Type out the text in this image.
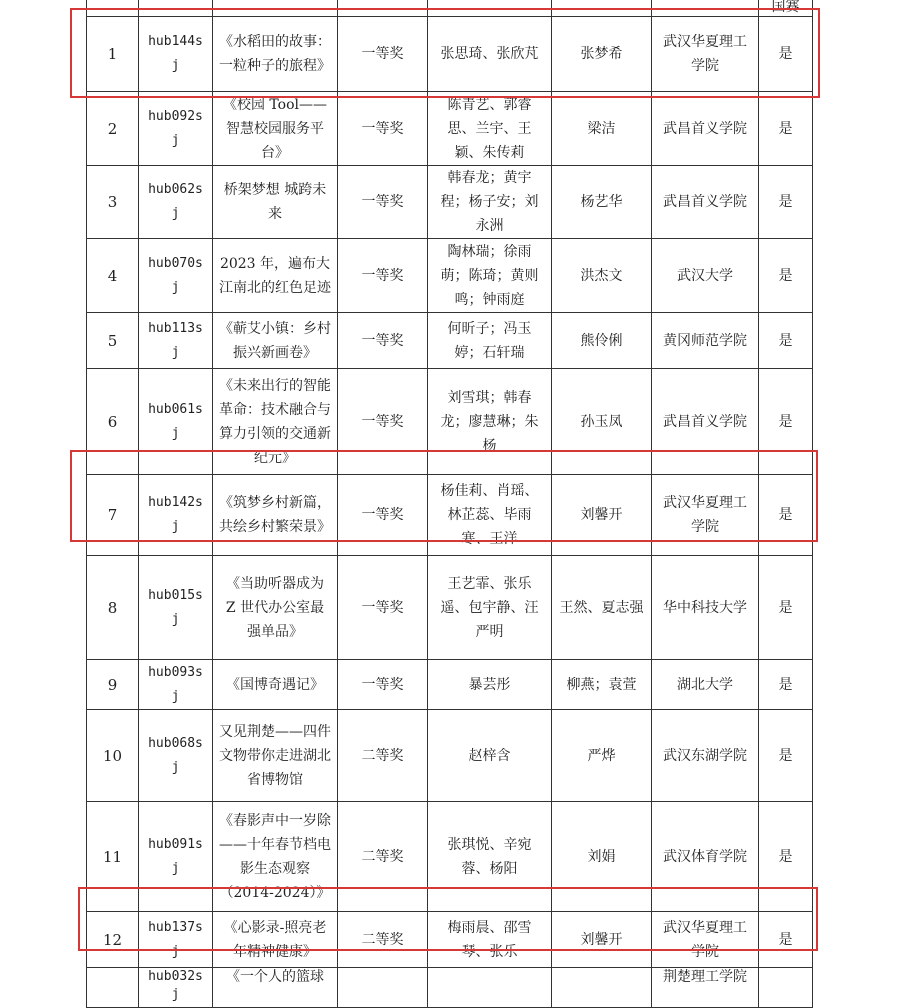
							国赛
1	hub144sj	《水稻田的故事：一粒种子的旅程》	一等奖	张思琦、张欣芃	张梦希	武汉华夏理工学院	是
2	hub092sj	《校园 Tool——智慧校园服务平台》	一等奖	陈青艺、郭睿思、兰宇、王颖、朱传莉	梁洁	武昌首义学院	是
3	hub062sj	桥架梦想 城跨未来	一等奖	韩春龙；黄宇程；杨子安；刘永洲	杨艺华	武昌首义学院	是
4	hub070sj	2023 年，遍布大江南北的红色足迹	一等奖	陶林瑞；徐雨萌；陈琦；黄则鸣；钟雨庭	洪杰文	武汉大学	是
5	hub113sj	《蕲艾小镇：乡村振兴新画卷》	一等奖	何昕子；冯玉婷；石轩瑞	熊伶俐	黄冈师范学院	是
6	hub061sj	《未来出行的智能革命：技术融合与算力引领的交通新纪元》	一等奖	刘雪琪；韩春龙；廖慧琳；朱杨	孙玉凤	武昌首义学院	是
7	hub142sj	《筑梦乡村新篇，共绘乡村繁荣景》	一等奖	杨佳莉、肖瑶、林芷蕊、毕雨寒、王洋	刘馨开	武汉华夏理工学院	是
8	hub015sj	《当助听器成为 Z 世代办公室最强单品》	一等奖	王艺霏、张乐遥、包宇静、汪严明	王然、夏志强	华中科技大学	是
9	hub093sj	《国博奇遇记》	一等奖	暴芸彤	柳燕；袁萱	湖北大学	是
10	hub068sj	又见荆楚——四件文物带你走进湖北省博物馆	二等奖	赵梓含	严烨	武汉东湖学院	是
11	hub091sj	《春影声中一岁除——十年春节档电影生态观察（2014-2024）》	二等奖	张琪悦、辛宛蓉、杨阳	刘娟	武汉体育学院	是
12	hub137sj	《心影录-照亮老年精神健康》	二等奖	梅雨晨、邵雪琴、张乐	刘馨开	武汉华夏理工学院	是
	hub032sj	《一个人的篮球				荆楚理工学院	
